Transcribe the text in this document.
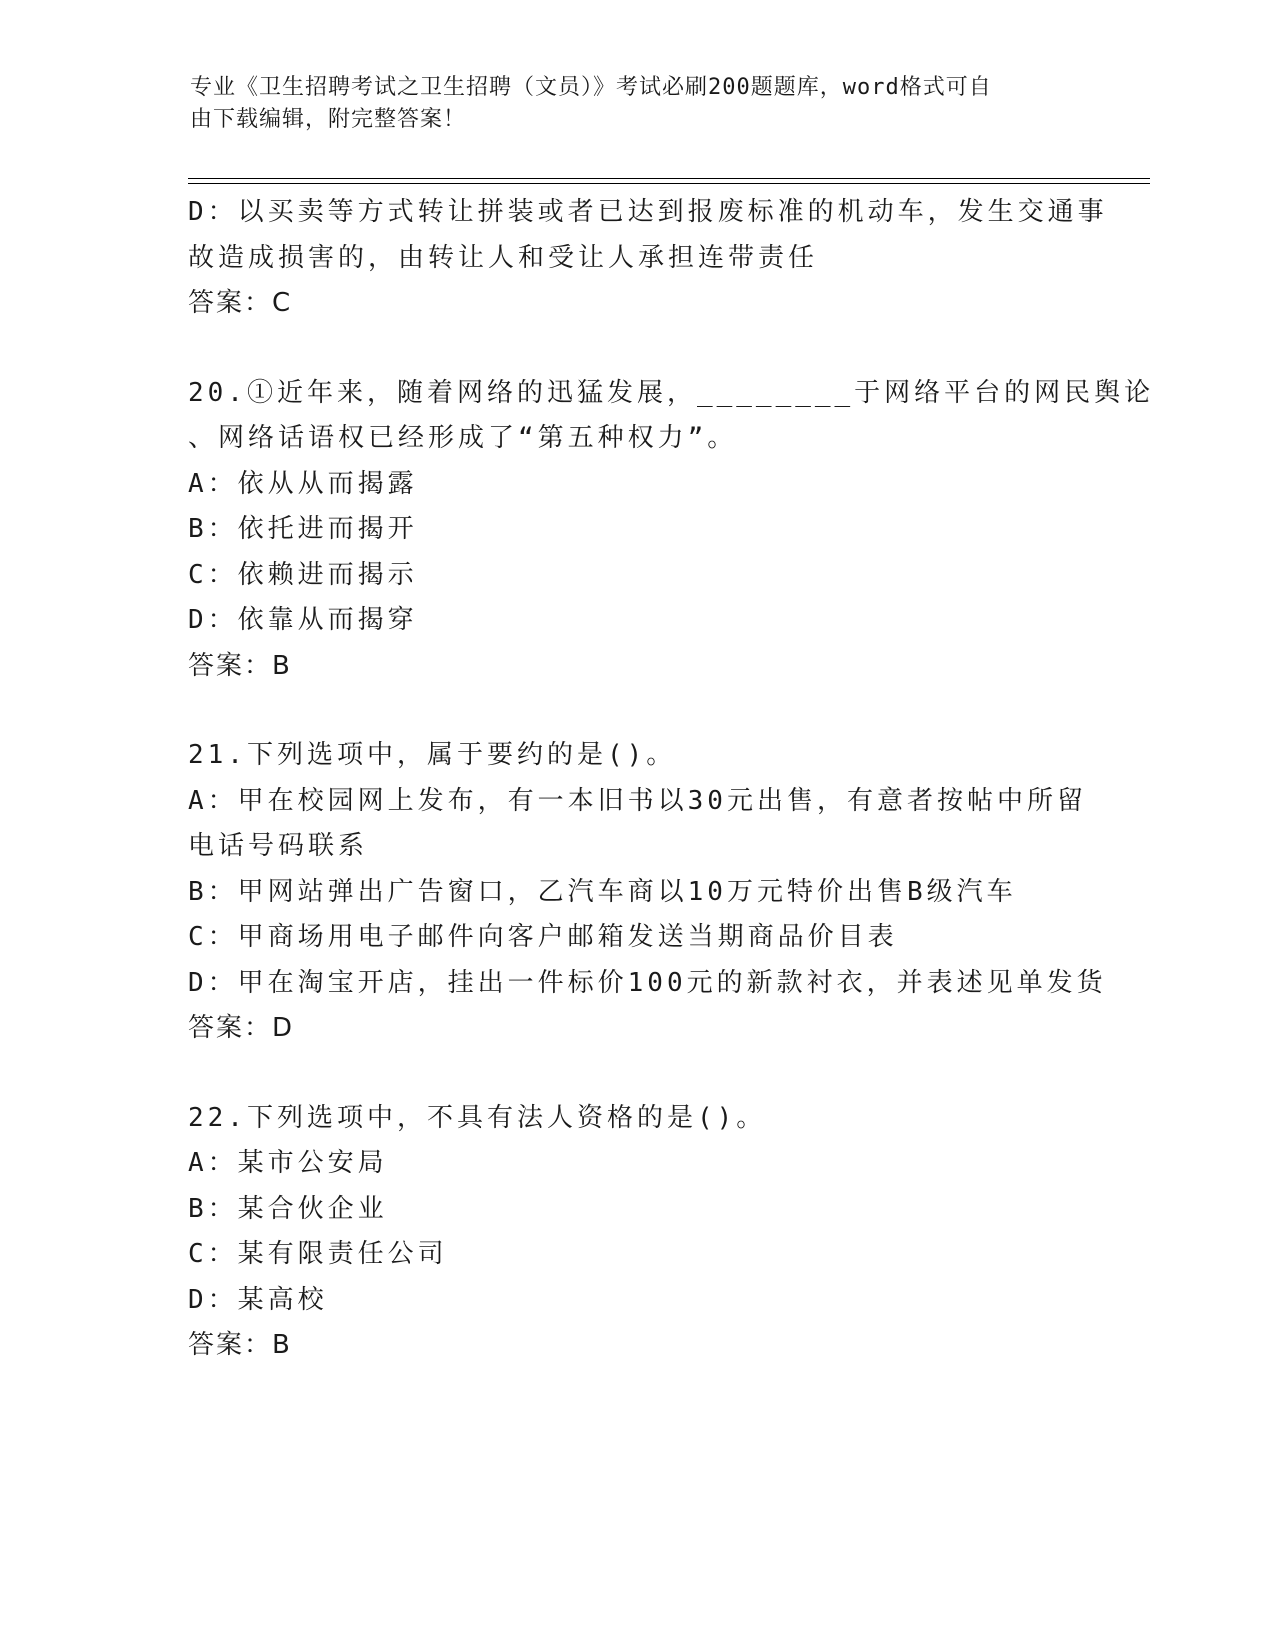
专业《卫生招聘考试之卫生招聘（文员）》考试必刷200题题库，word格式可自
由下载编辑，附完整答案！
D：以买卖等方式转让拼装或者已达到报废标准的机动车，发生交通事
故造成损害的，由转让人和受让人承担连带责任
答案：C
20.①近年来，随着网络的迅猛发展，________于网络平台的网民舆论
、网络话语权已经形成了“第五种权力”。
A：依从从而揭露
B：依托进而揭开
C：依赖进而揭示
D：依靠从而揭穿
答案：B
21.下列选项中，属于要约的是()。
A：甲在校园网上发布，有一本旧书以30元出售，有意者按帖中所留
电话号码联系
B：甲网站弹出广告窗口，乙汽车商以10万元特价出售B级汽车
C：甲商场用电子邮件向客户邮箱发送当期商品价目表
D：甲在淘宝开店，挂出一件标价100元的新款衬衣，并表述见单发货
答案：D
22.下列选项中，不具有法人资格的是()。
A：某市公安局
B：某合伙企业
C：某有限责任公司
D：某高校
答案：B
